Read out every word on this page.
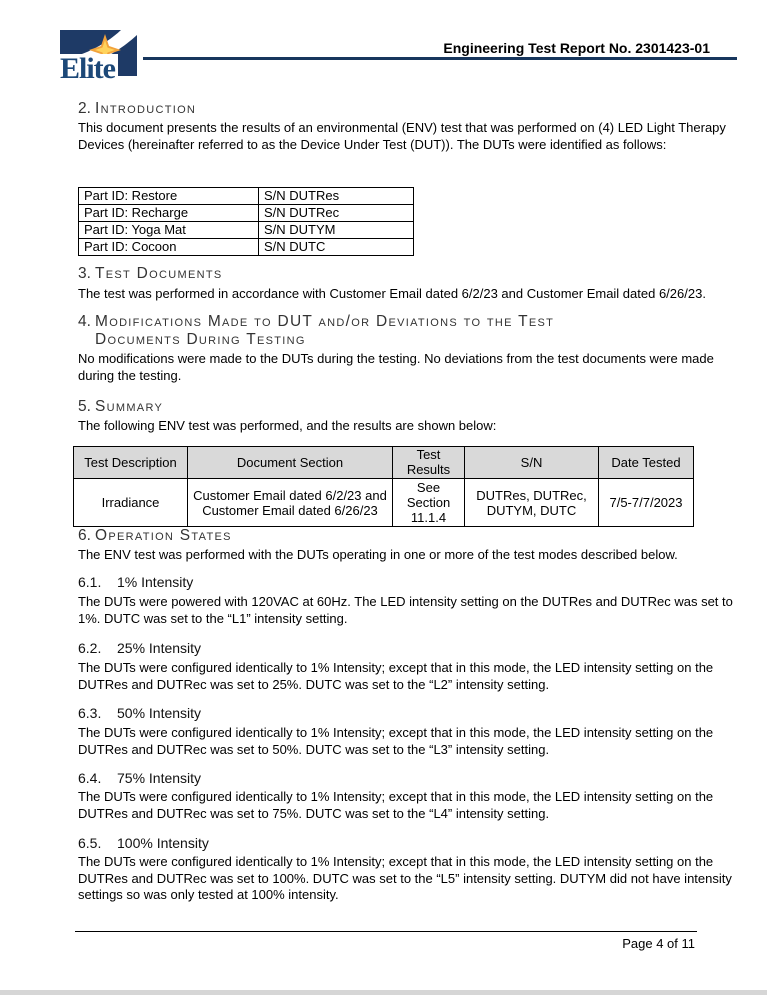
Elite
Engineering Test Report No. 2301423-01
2. Introduction

This document presents the results of an environmental (ENV) test that was performed on (4) LED Light Therapy Devices (hereinafter referred to as the Device Under Test (DUT)). The DUTs were identified as follows:

Part ID: Restore	S/N DUTRes
Part ID: Recharge	S/N DUTRec
Part ID: Yoga Mat	S/N DUTYM
Part ID: Cocoon	S/N DUTC
3. Test Documents

The test was performed in accordance with Customer Email dated 6/2/23 and Customer Email dated 6/26/23.

4. Modifications Made to DUT and/or Deviations to the Test Documents During Testing

No modifications were made to the DUTs during the testing. No deviations from the test documents were made during the testing.

5. Summary

The following ENV test was performed, and the results are shown below:

Test Description	Document Section	Test Results	S/N	Date Tested
Irradiance	Customer Email dated 6/2/23 and Customer Email dated 6/26/23	See Section 11.1.4	DUTRes, DUTRec, DUTYM, DUTC	7/5-7/7/2023
6. Operation States

The ENV test was performed with the DUTs operating in one or more of the test modes described below.

6.1.	1% Intensity

The DUTs were powered with 120VAC at 60Hz. The LED intensity setting on the DUTRes and DUTRec was set to 1%. DUTC was set to the “L1” intensity setting.

6.2.	25% Intensity

The DUTs were configured identically to 1% Intensity; except that in this mode, the LED intensity setting on the DUTRes and DUTRec was set to 25%. DUTC was set to the “L2” intensity setting.

6.3.	50% Intensity

The DUTs were configured identically to 1% Intensity; except that in this mode, the LED intensity setting on the DUTRes and DUTRec was set to 50%. DUTC was set to the “L3” intensity setting.

6.4.	75% Intensity

The DUTs were configured identically to 1% Intensity; except that in this mode, the LED intensity setting on the DUTRes and DUTRec was set to 75%. DUTC was set to the “L4” intensity setting.

6.5.	100% Intensity

The DUTs were configured identically to 1% Intensity; except that in this mode, the LED intensity setting on the DUTRes and DUTRec was set to 100%. DUTC was set to the “L5” intensity setting. DUTYM did not have intensity settings so was only tested at 100% intensity.

Page 4 of 11
